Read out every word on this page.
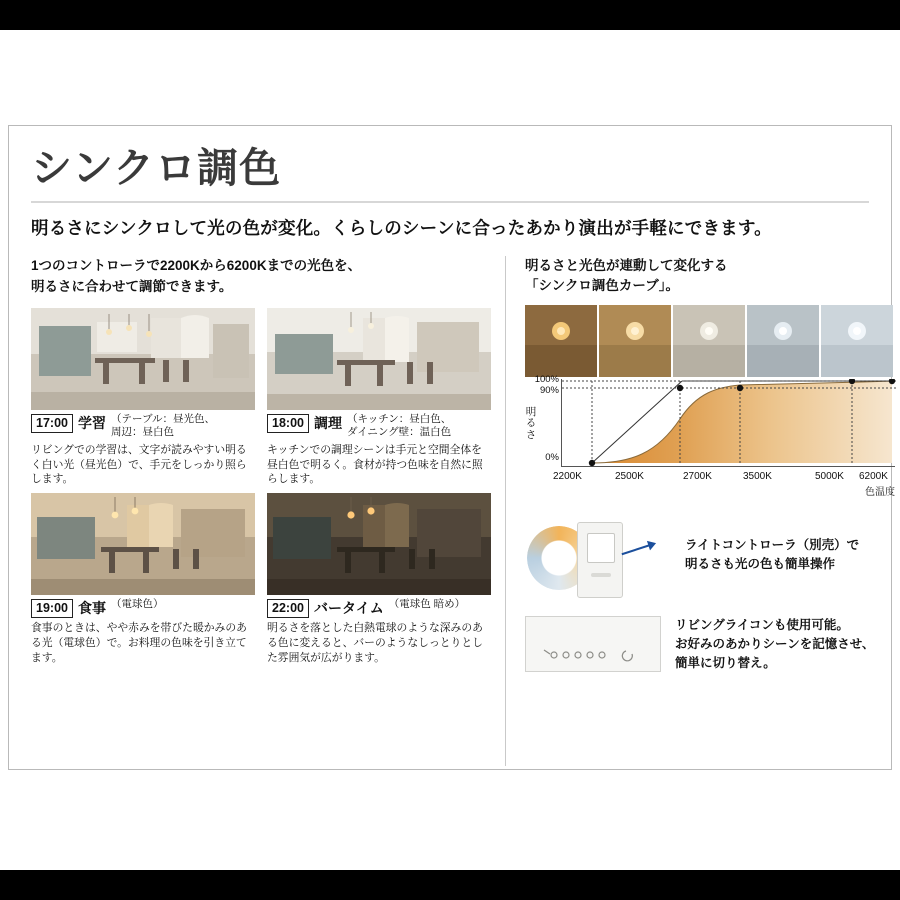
シンクロ調色
明るさにシンクロして光の色が変化。くらしのシーンに合ったあかり演出が手軽にできます。
1つのコントローラで2200Kから6200Kまでの光色を、
明るさに合わせて調節できます。
17:00 学習 （テーブル：昼光色、
周辺：昼白色
リビングでの学習は、文字が読みやすい明るく白い光（昼光色）で、手元をしっかり照らします。
18:00 調理 （キッチン：昼白色、
ダイニング壁：温白色
キッチンでの調理シーンは手元と空間全体を昼白色で明るく。食材が持つ色味を自然に照らします。
19:00 食事 （電球色）
食事のときは、やや赤みを帯びた暖かみのある光（電球色）で。お料理の色味を引き立てます。
22:00 バータイム （電球色 暗め）
明るさを落とした白熱電球のような深みのある色に変えると、バーのようなしっとりとした雰囲気が広がります。
明るさと光色が連動して変化する
「シンクロ調色カーブ」。
明るさ
100%
90%
0%
2200K	2500K	2700K	3500K	5000K 6200K
色温度
ライトコントローラ（別売）で
明るさも光の色も簡単操作
リビングライコンも使用可能。
お好みのあかりシーンを記憶させ、
簡単に切り替え。
